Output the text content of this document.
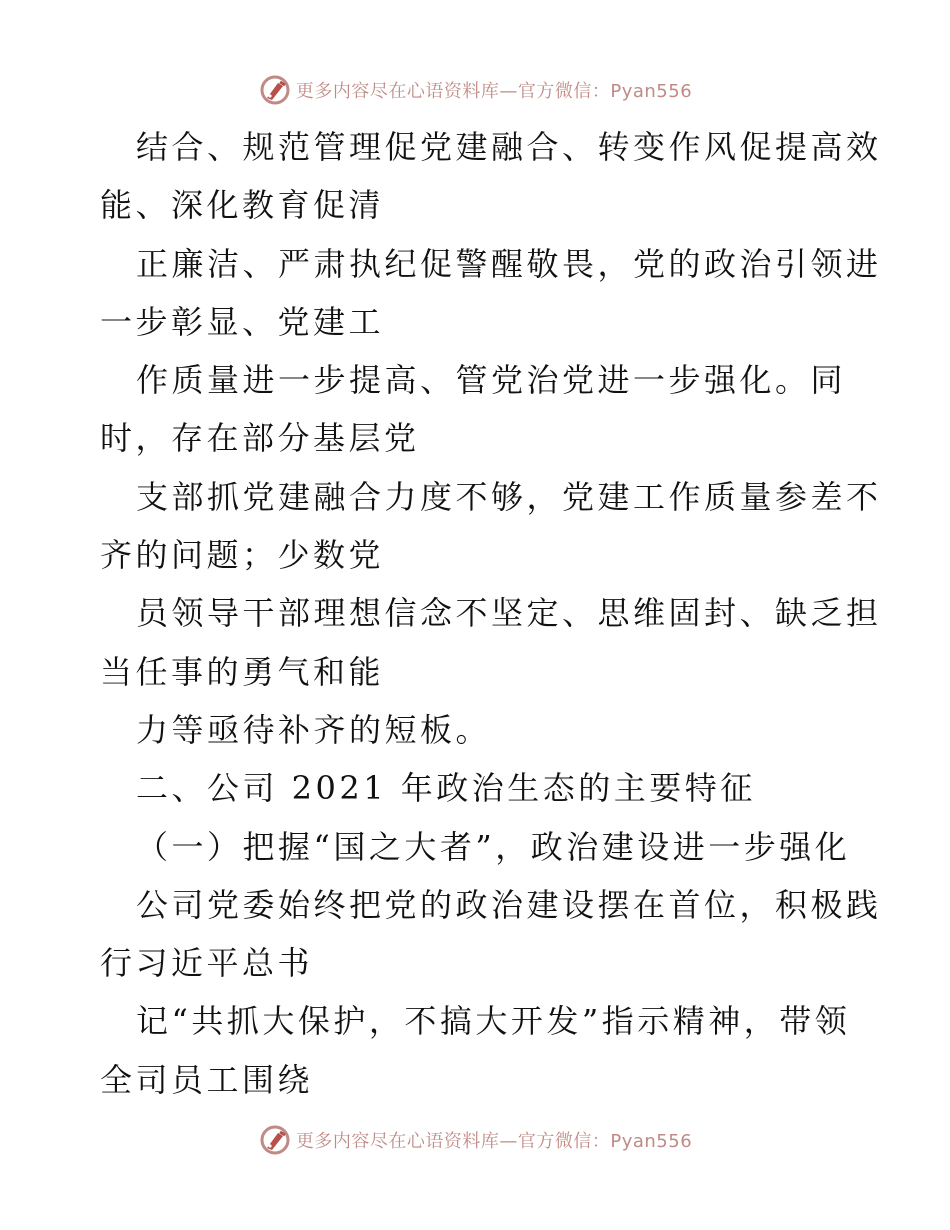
更多内容尽在心语资料库—官方微信：Pyan556
结合、规范管理促党建融合、转变作风促提高效
能、深化教育促清
正廉洁、严肃执纪促警醒敬畏，党的政治引领进
一步彰显、党建工
作质量进一步提高、管党治党进一步强化。同
时，存在部分基层党
支部抓党建融合力度不够，党建工作质量参差不
齐的问题；少数党
员领导干部理想信念不坚定、思维固封、缺乏担
当任事的勇气和能
力等亟待补齐的短板。
二、公司 2021 年政治生态的主要特征
（一）把握“国之大者”，政治建设进一步强化
公司党委始终把党的政治建设摆在首位，积极践
行习近平总书
记“共抓大保护，不搞大开发”指示精神，带领
全司员工围绕
更多内容尽在心语资料库—官方微信：Pyan556
